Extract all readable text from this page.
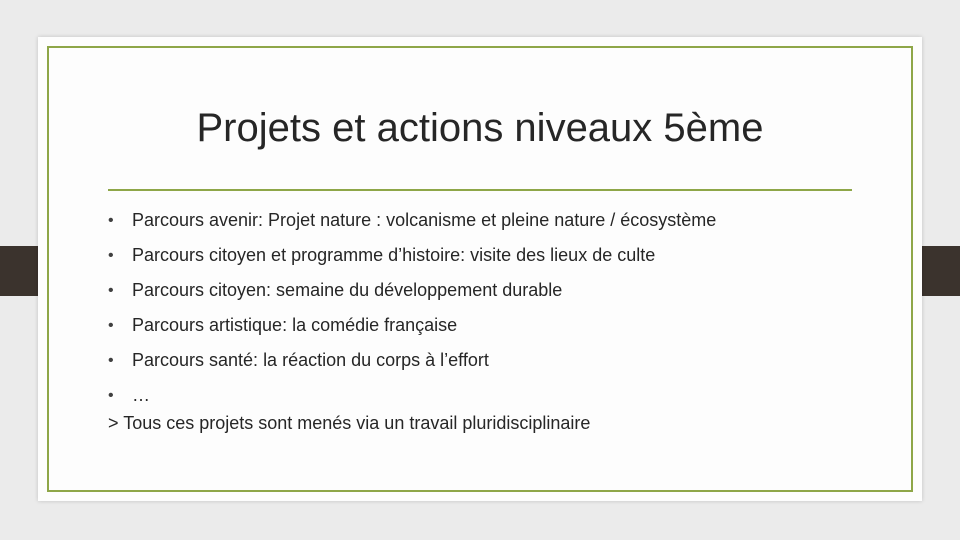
Projets et actions niveaux 5ème
•	Parcours avenir: Projet nature : volcanisme et pleine nature / écosystème
•	Parcours citoyen et programme d’histoire: visite des lieux de culte
•	Parcours citoyen: semaine du développement durable
•	Parcours artistique: la comédie française
•	Parcours santé: la réaction du corps à l’effort
•	…
> Tous ces projets sont menés via un travail pluridisciplinaire
